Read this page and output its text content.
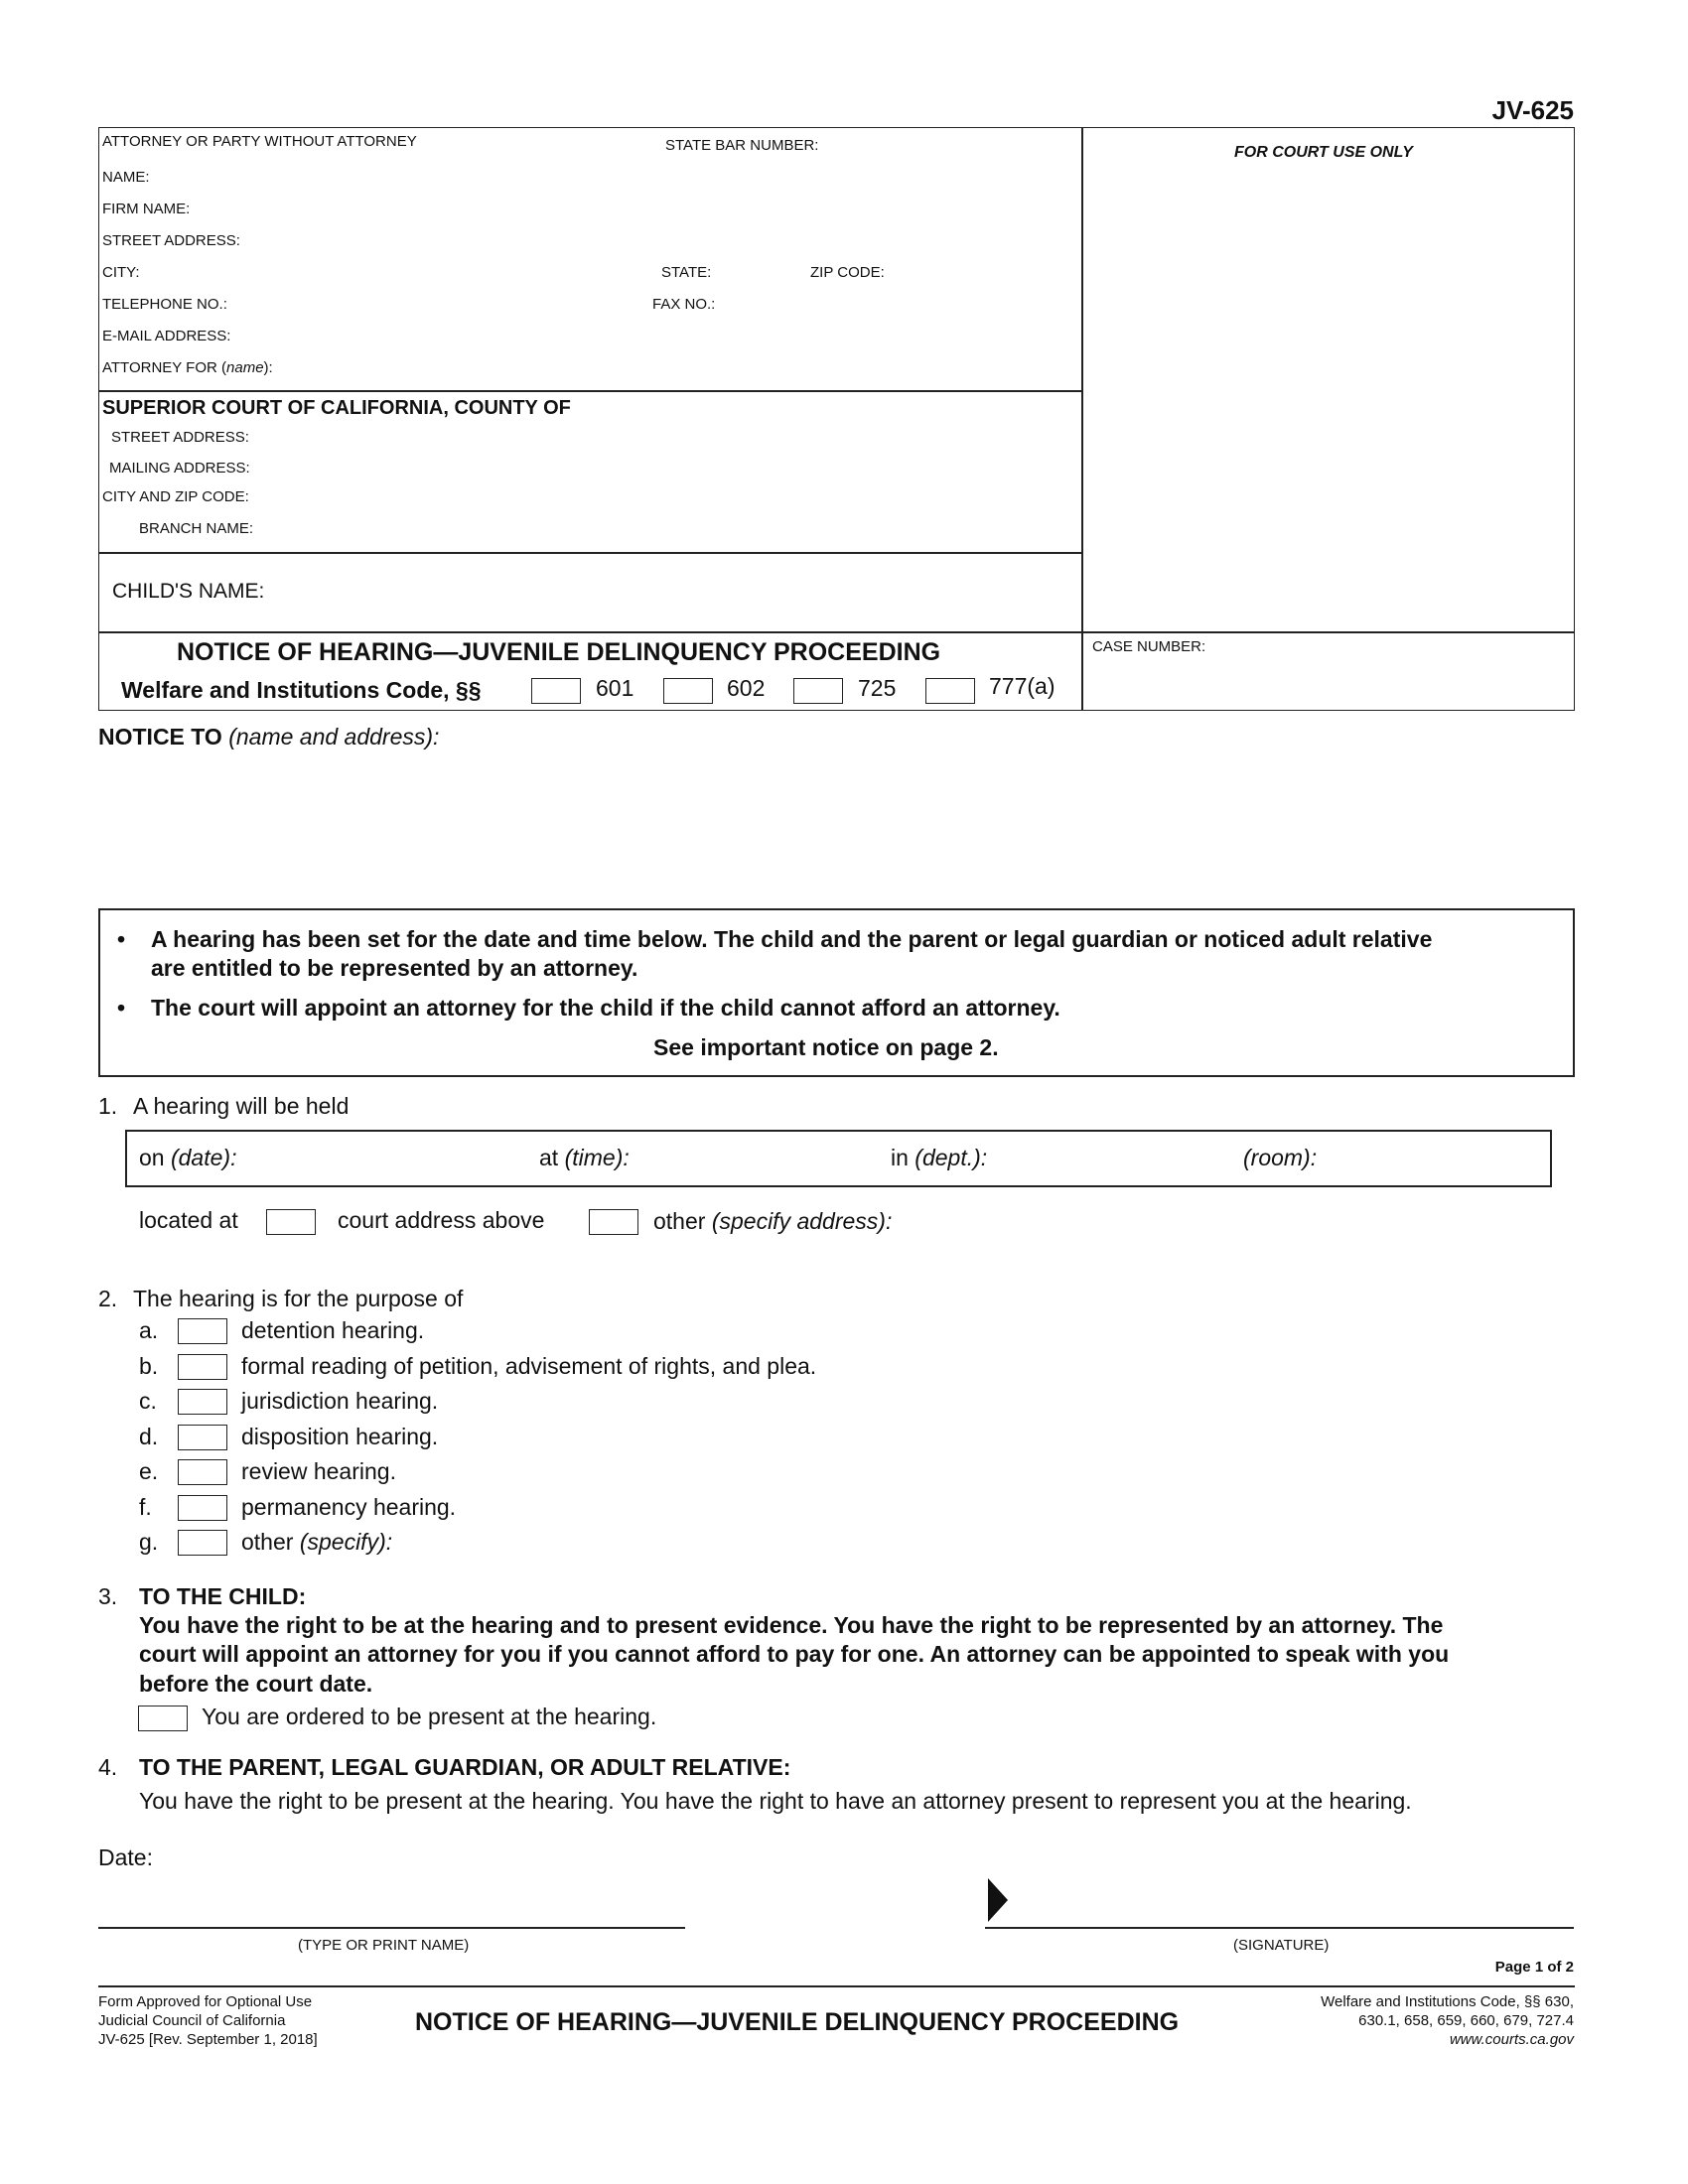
JV-625
ATTORNEY OR PARTY WITHOUT ATTORNEY	STATE BAR NUMBER:
NAME:
FIRM NAME:
STREET ADDRESS:
CITY:	STATE:	ZIP CODE:
TELEPHONE NO.:	FAX NO.:
E-MAIL ADDRESS:
ATTORNEY FOR (name):
FOR COURT USE ONLY
SUPERIOR COURT OF CALIFORNIA, COUNTY OF
STREET ADDRESS:
MAILING ADDRESS:
CITY AND ZIP CODE:
BRANCH NAME:
CHILD'S NAME:
NOTICE OF HEARING—JUVENILE DELINQUENCY PROCEEDING
Welfare and Institutions Code, §§	601	602	725	777(a)
CASE NUMBER:
NOTICE TO (name and address):
• A hearing has been set for the date and time below. The child and the parent or legal guardian or noticed adult relative
are entitled to be represented by an attorney.
• The court will appoint an attorney for the child if the child cannot afford an attorney.
See important notice on page 2.
1. A hearing will be held
on (date):	at (time):	in (dept.):	(room):
located at	court address above	other (specify address):
2. The hearing is for the purpose of
a.	detention hearing.
b.	formal reading of petition, advisement of rights, and plea.
c.	jurisdiction hearing.
d.	disposition hearing.
e.	review hearing.
f.	permanency hearing.
g.	other (specify):
3. TO THE CHILD:
You have the right to be at the hearing and to present evidence. You have the right to be represented by an attorney. The
court will appoint an attorney for you if you cannot afford to pay for one. An attorney can be appointed to speak with you
before the court date.
You are ordered to be present at the hearing.
4. TO THE PARENT, LEGAL GUARDIAN, OR ADULT RELATIVE:
You have the right to be present at the hearing. You have the right to have an attorney present to represent you at the hearing.
Date:
(TYPE OR PRINT NAME)	(SIGNATURE)
Page 1 of 2
Form Approved for Optional Use
Judicial Council of California
JV-625 [Rev. September 1, 2018]
NOTICE OF HEARING—JUVENILE DELINQUENCY PROCEEDING
Welfare and Institutions Code, §§ 630,
630.1, 658, 659, 660, 679, 727.4
www.courts.ca.gov
